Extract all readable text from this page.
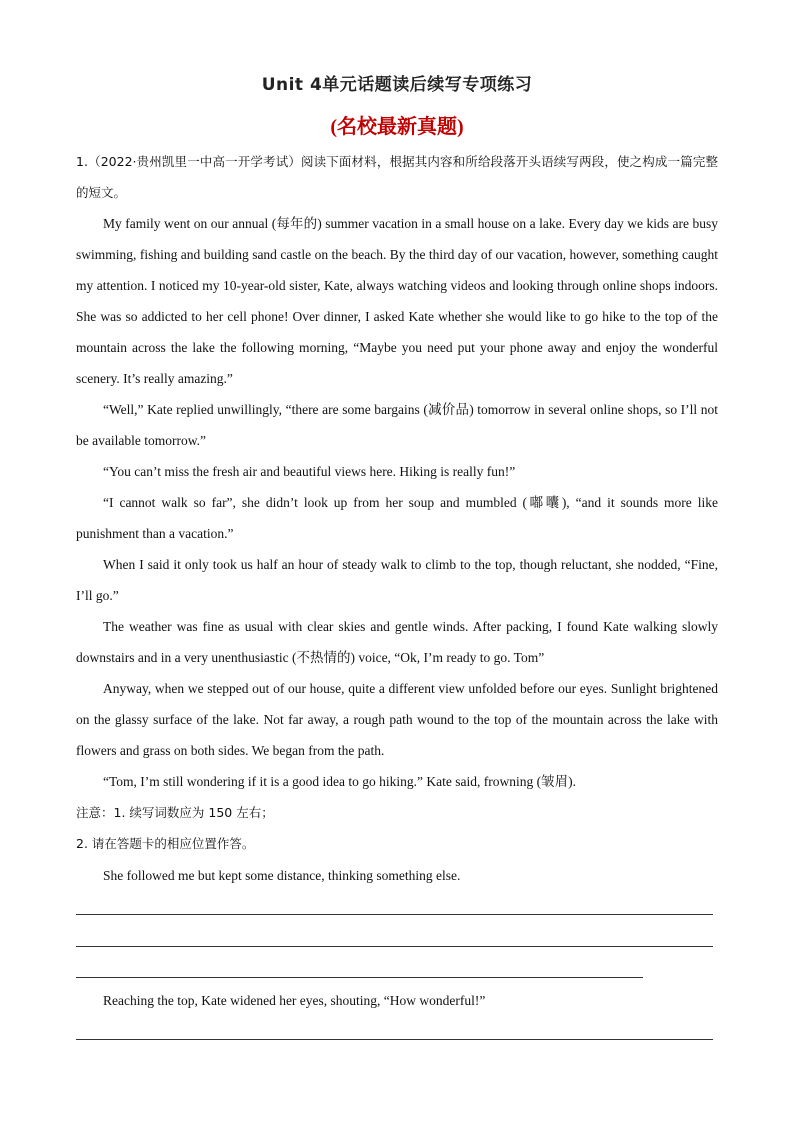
Unit 4单元话题读后续写专项练习
(名校最新真题)
1.（2022·贵州凯里一中高一开学考试）阅读下面材料，根据其内容和所给段落开头语续写两段，使之构成一篇完整的短文。

My family went on our annual (每年的) summer vacation in a small house on a lake. Every day we kids are busy swimming, fishing and building sand castle on the beach. By the third day of our vacation, however, something caught my attention. I noticed my 10-year-old sister, Kate, always watching videos and looking through online shops indoors. She was so addicted to her cell phone! Over dinner, I asked Kate whether she would like to go hike to the top of the mountain across the lake the following morning, “Maybe you need put your phone away and enjoy the wonderful scenery. It’s really amazing.”

“Well,” Kate replied unwillingly, “there are some bargains (减价品) tomorrow in several online shops, so I’ll not be available tomorrow.”

“You can’t miss the fresh air and beautiful views here. Hiking is really fun!”

“I cannot walk so far”, she didn’t look up from her soup and mumbled (嘟囔), “and it sounds more like punishment than a vacation.”

When I said it only took us half an hour of steady walk to climb to the top, though reluctant, she nodded, “Fine, I’ll go.”

The weather was fine as usual with clear skies and gentle winds. After packing, I found Kate walking slowly downstairs and in a very unenthusiastic (不热情的) voice, “Ok, I’m ready to go. Tom”

Anyway, when we stepped out of our house, quite a different view unfolded before our eyes. Sunlight brightened on the glassy surface of the lake. Not far away, a rough path wound to the top of the mountain across the lake with flowers and grass on both sides. We began from the path.

“Tom, I’m still wondering if it is a good idea to go hiking.” Kate said, frowning (皱眉).

注意：1. 续写词数应为 150 左右；

2. 请在答题卡的相应位置作答。

She followed me but kept some distance, thinking something else.
Reaching the top, Kate widened her eyes, shouting, “How wonderful!”
